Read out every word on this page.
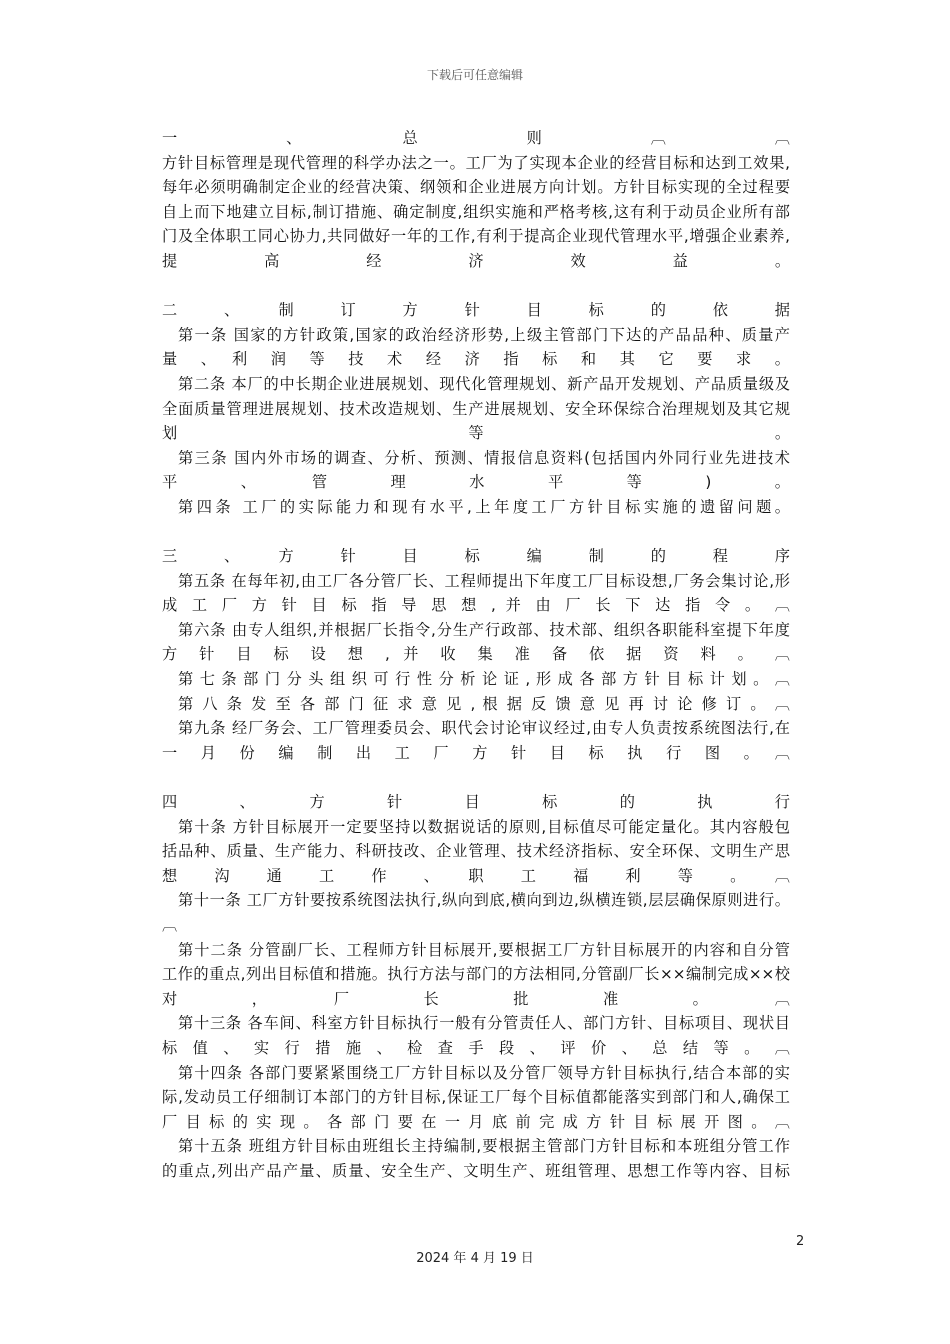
下载后可任意编辑
一　、　总　则　︹　︹
方针目标管理是现代管理的科学办法之一。工厂为了实现本企业的经营目标和达到工效果,
每年必须明确制定企业的经营决策、纲领和企业进展方向计划。方针目标实现的全过程要
自上而下地建立目标,制订措施、确定制度,组织实施和严格考核,这有利于动员企业所有部
门及全体职工同心协力,共同做好一年的工作,有利于提高企业现代管理水平,增强企业素养,
提　高　经　济　效　益　。
二　、　制　订　方　针　目　标　的　依　据
第一条 国家的方针政策,国家的政治经济形势,上级主管部门下达的产品品种、质量产
量　、　利　润　等　技　术　经　济　指　标　和　其　它　要　求　。
第二条 本厂的中长期企业进展规划、现代化管理规划、新产品开发规划、产品质量级及
全面质量管理进展规划、技术改造规划、生产进展规划、安全环保综合治理规划及其它规
划　等　。
第三条 国内外市场的调查、分析、预测、情报信息资料(包括国内外同行业先进技术
平　、　管　理　水　平　等　)　。
第四条 工厂的实际能力和现有水平,上年度工厂方针目标实施的遗留问题。
三　、　方　针　目　标　编　制　的　程　序
第五条 在每年初,由工厂各分管厂长、工程师提出下年度工厂目标设想,厂务会集讨论,形
成 工 厂 方 针 目 标 指 导 思 想 , 并 由 厂 长 下 达 指 令 。 ︹
第六条 由专人组织,并根据厂长指令,分生产行政部、技术部、组织各职能科室提下年度
方 针 目 标 设 想 , 并 收 集 准 备 依 据 资 料 。 ︹
第 七 条 部 门 分 头 组 织 可 行 性 分 析 论 证 , 形 成 各 部 方 针 目 标 计 划 。 ︹
第 八 条 发 至 各 部 门 征 求 意 见 , 根 据 反 馈 意 见 再 讨 论 修 订 。 ︹
第九条 经厂务会、工厂管理委员会、职代会讨论审议经过,由专人负责按系统图法行,在
一　月　份　编　制　出　工　厂　方　针　目　标　执　行　图　。　︹
四　、　方　针　目　标　的　执　行
第十条 方针目标展开一定要坚持以数据说话的原则,目标值尽可能定量化。其内容般包
括品种、质量、生产能力、科研技改、企业管理、技术经济指标、安全环保、文明生产思
想　沟　通　工　作　、　职　工　福　利　等　。　︹
第十一条 工厂方针要按系统图法执行,纵向到底,横向到边,纵横连锁,层层确保原则进行。
︹
第十二条 分管副厂长、工程师方针目标展开,要根据工厂方针目标展开的内容和自分管
工作的重点,列出目标值和措施。执行方法与部门的方法相同,分管副厂长××编制完成××校
对　，　厂　长　批　准　。　︹
第十三条 各车间、科室方针目标执行一般有分管责任人、部门方针、目标项目、现状目
标 值 、 实 行 措 施 、 检 查 手 段 、 评 价 、 总 结 等 。 ︹
第十四条 各部门要紧紧围绕工厂方针目标以及分管厂领导方针目标执行,结合本部的实
际,发动员工仔细制订本部门的方针目标,保证工厂每个目标值都能落实到部门和人,确保工
厂 目 标 的 实 现 。 各 部 门 要 在 一 月 底 前 完 成 方 针 目 标 展 开 图 。 ︹
第十五条 班组方针目标由班组长主持编制,要根据主管部门方针目标和本班组分管工作
的重点,列出产品产量、质量、安全生产、文明生产、班组管理、思想工作等内容、目标
2
2024 年 4 月 19 日
